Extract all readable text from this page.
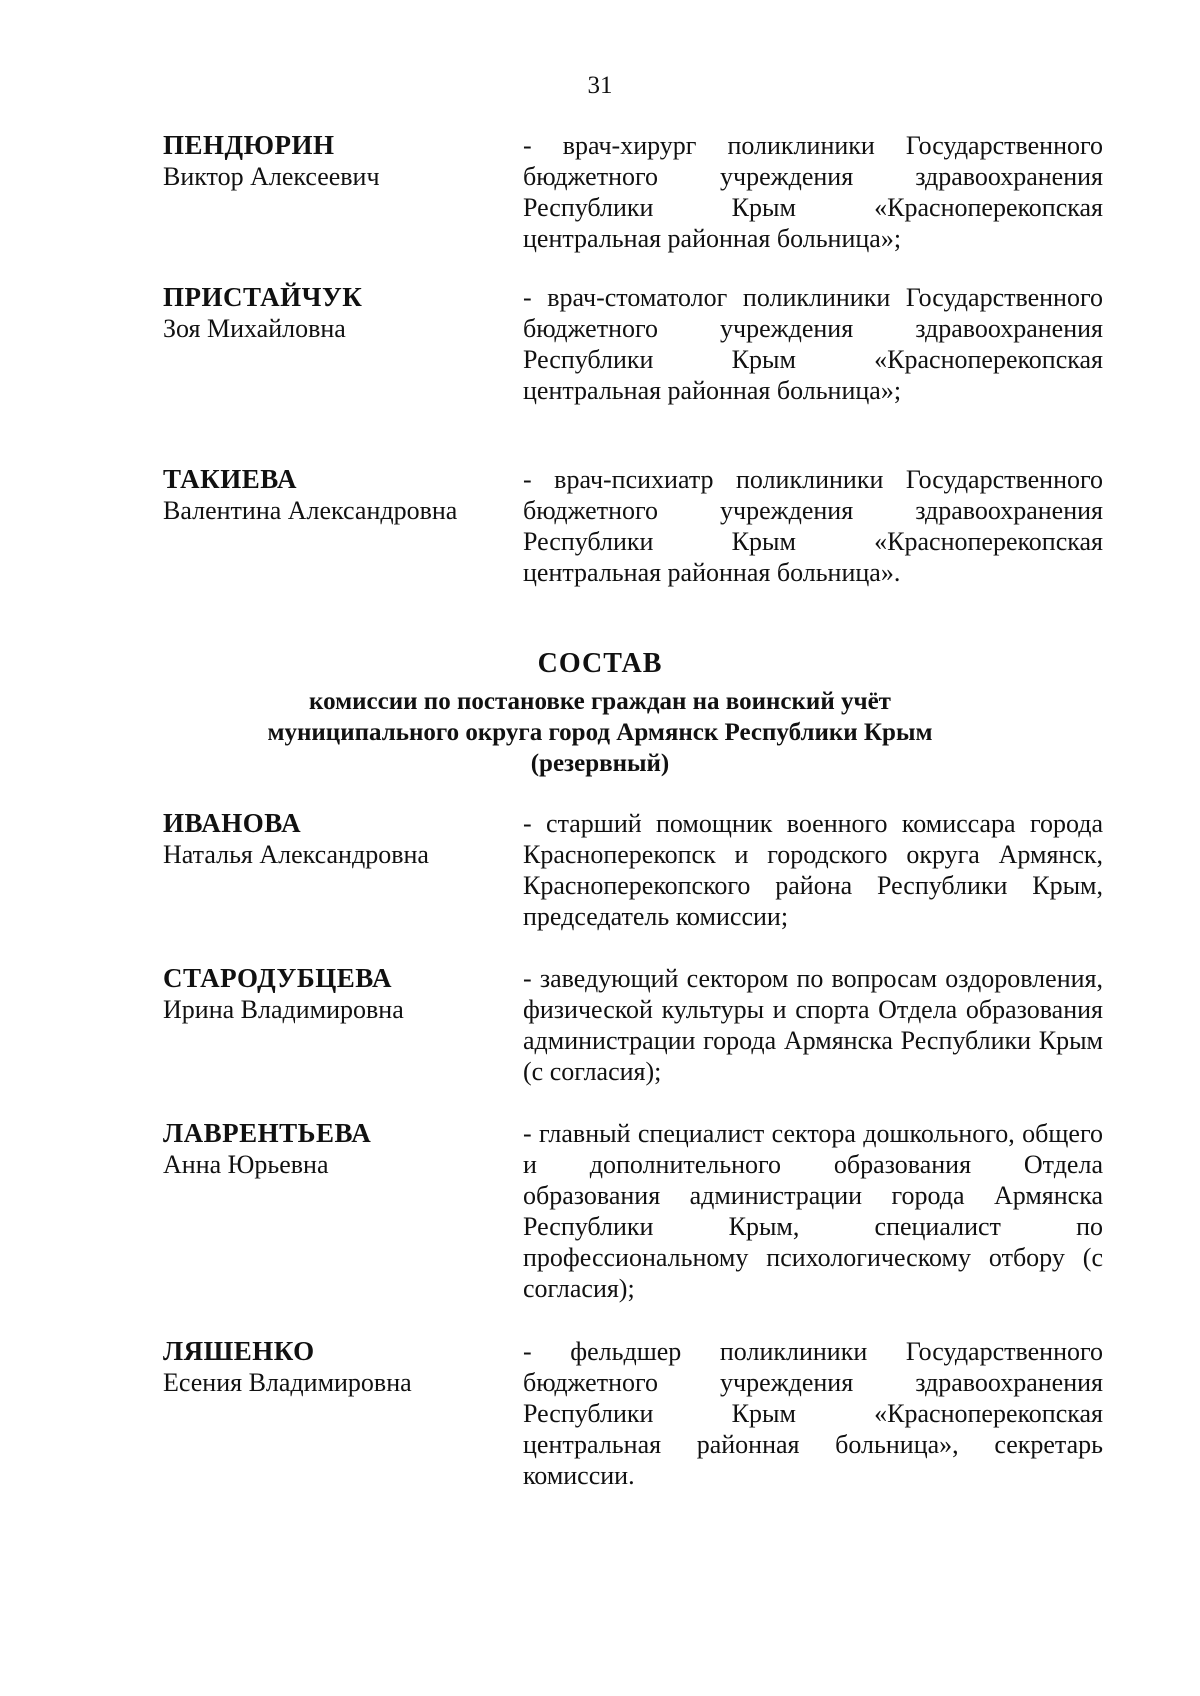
31
ПЕНДЮРИН
Виктор Алексеевич
- врач-хирург поликлиники Государственного бюджетного учреждения здравоохранения Республики Крым «Красноперекопская центральная районная больница»;
ПРИСТАЙЧУК
Зоя Михайловна
- врач-стоматолог поликлиники Государственного бюджетного учреждения здравоохранения Республики Крым «Красноперекопская центральная районная больница»;
ТАКИЕВА
Валентина Александровна
- врач-психиатр поликлиники Государственного бюджетного учреждения здравоохранения Республики Крым «Красноперекопская центральная районная больница».
СОСТАВ
комиссии по постановке граждан на воинский учёт
муниципального округа город Армянск Республики Крым
(резервный)
ИВАНОВА
Наталья Александровна
- старший помощник военного комиссара города Красноперекопск и городского округа Армянск, Красноперекопского района Республики Крым, председатель комиссии;
СТАРОДУБЦЕВА
Ирина Владимировна
- заведующий сектором по вопросам оздоровления, физической культуры и спорта Отдела образования администрации города Армянска Республики Крым (с согласия);
ЛАВРЕНТЬЕВА
Анна Юрьевна
- главный специалист сектора дошкольного, общего и дополнительного образования Отдела образования администрации города Армянска Республики Крым, специалист по профессиональному психологическому отбору (с согласия);
ЛЯШЕНКО
Есения Владимировна
- фельдшер поликлиники Государственного бюджетного учреждения здравоохранения Республики Крым «Красноперекопская центральная районная больница», секретарь комиссии.
